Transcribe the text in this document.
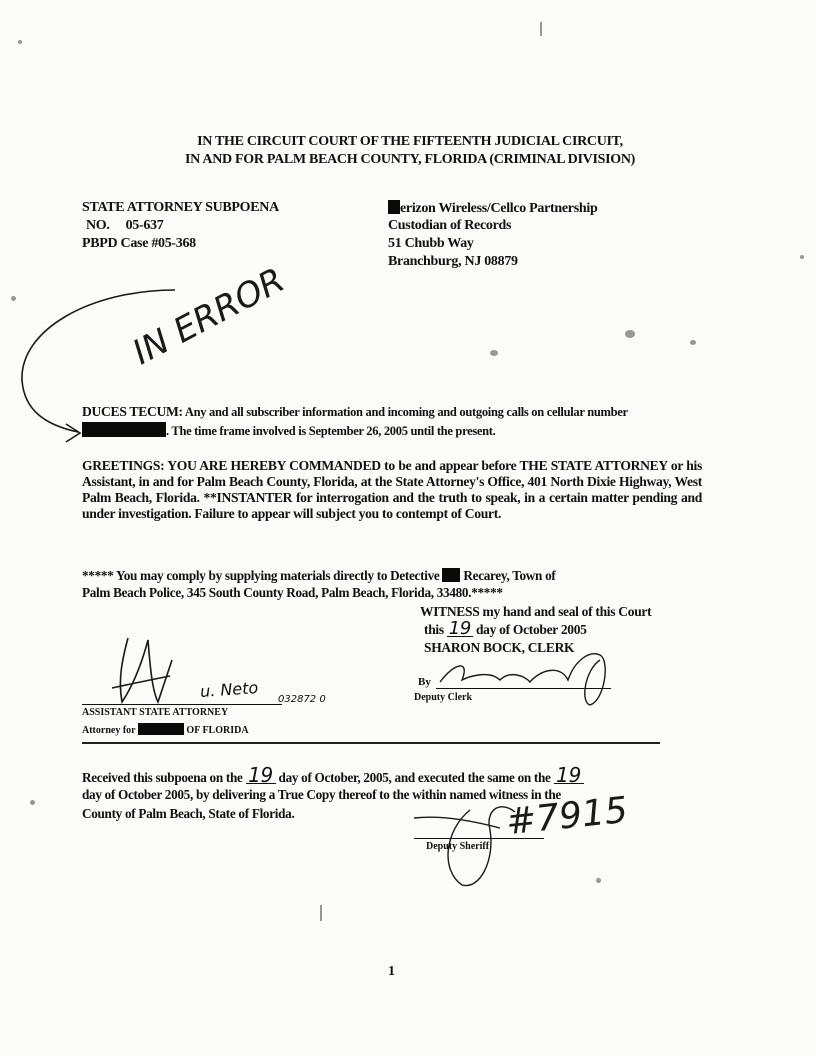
IN THE CIRCUIT COURT OF THE FIFTEENTH JUDICIAL CIRCUIT,
IN AND FOR PALM BEACH COUNTY, FLORIDA (CRIMINAL DIVISION)
STATE ATTORNEY SUBPOENA
NO.     05-637
PBPD Case #05-368
erizon Wireless/Cellco Partnership
Custodian of Records
51 Chubb Way
Branchburg, NJ 08879
IN ERROR
DUCES TECUM: Any and all subscriber information and incoming and outgoing calls on cellular number
. The time frame involved is September 26, 2005 until the present.
GREETINGS: YOU ARE HEREBY COMMANDED to be and appear before THE STATE ATTORNEY or his Assistant, in and for Palm Beach County, Florida, at the State Attorney's Office, 401 North Dixie Highway, West Palm Beach, Florida. **INSTANTER for interrogation and the truth to speak, in a certain matter pending and under investigation. Failure to appear will subject you to contempt of Court.
***** You may comply by supplying materials directly to Detective  Recarey, Town of
Palm Beach Police, 345 South County Road, Palm Beach, Florida, 33480.*****
WITNESS my hand and seal of this Court
this 19 day of October 2005
SHARON BOCK, CLERK
By
Deputy Clerk
u. Neto 032872 0
ASSISTANT STATE ATTORNEY
Attorney for	OF FLORIDA
Received this subpoena on the 19 day of October, 2005, and executed the same on the 19
day of October 2005, by delivering a True Copy thereof to the within named witness in the
County of Palm Beach, State of Florida.	#7915
Deputy Sheriff
1
